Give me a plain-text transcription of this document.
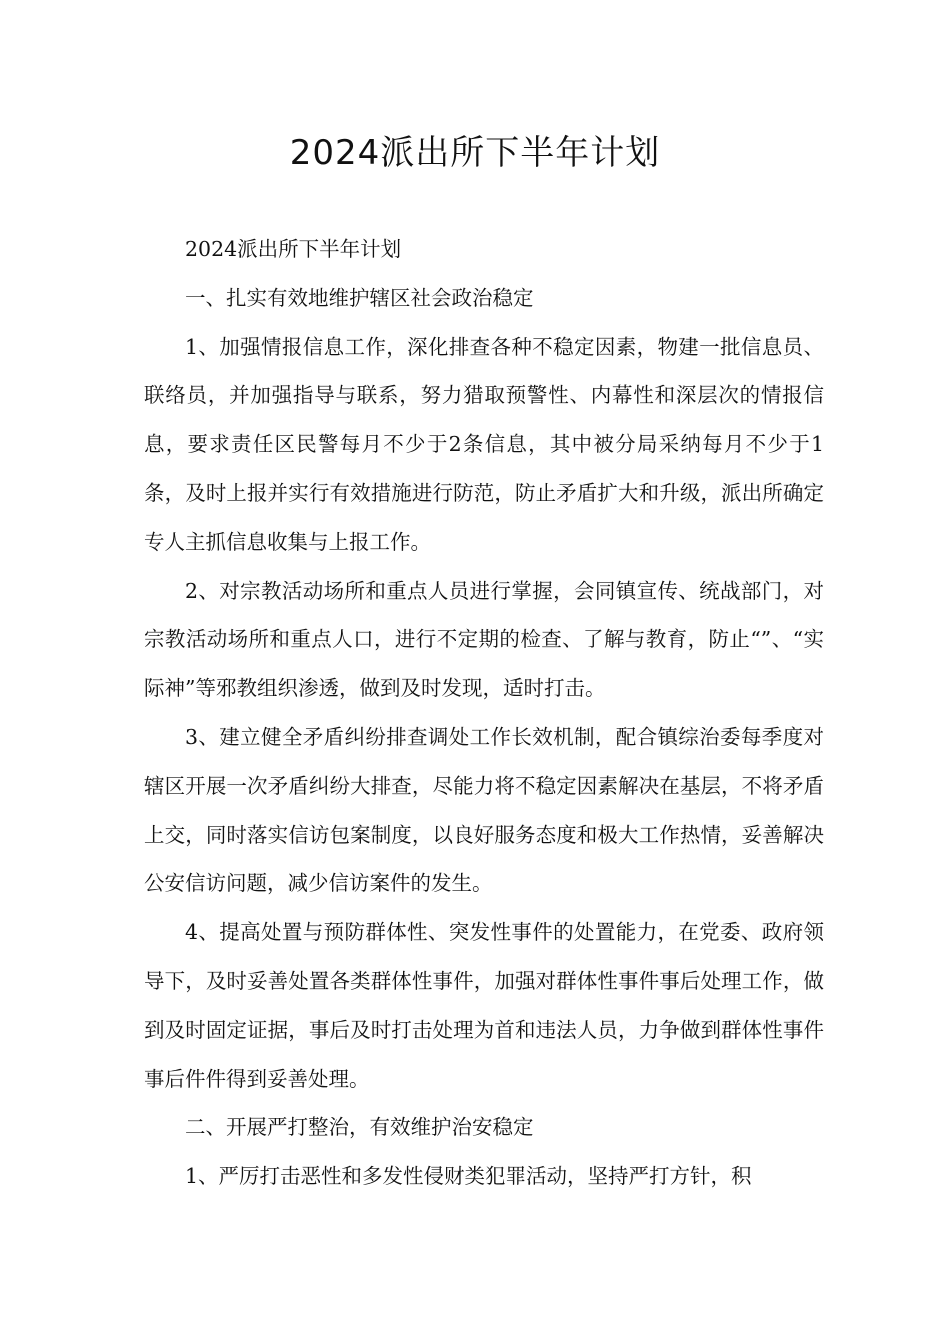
2024派出所下半年计划

2024派出所下半年计划

一、扎实有效地维护辖区社会政治稳定

1、加强情报信息工作，深化排查各种不稳定因素，物建一批信息员、联络员，并加强指导与联系，努力猎取预警性、内幕性和深层次的情报信息，要求责任区民警每月不少于2条信息，其中被分局采纳每月不少于1条，及时上报并实行有效措施进行防范，防止矛盾扩大和升级，派出所确定专人主抓信息收集与上报工作。

2、对宗教活动场所和重点人员进行掌握，会同镇宣传、统战部门，对宗教活动场所和重点人口，进行不定期的检查、了解与教育，防止“”、“实际神”等邪教组织渗透，做到及时发现，适时打击。

3、建立健全矛盾纠纷排查调处工作长效机制，配合镇综治委每季度对辖区开展一次矛盾纠纷大排查，尽能力将不稳定因素解决在基层，不将矛盾上交，同时落实信访包案制度，以良好服务态度和极大工作热情，妥善解决公安信访问题，减少信访案件的发生。

4、提高处置与预防群体性、突发性事件的处置能力，在党委、政府领导下，及时妥善处置各类群体性事件，加强对群体性事件事后处理工作，做到及时固定证据，事后及时打击处理为首和违法人员，力争做到群体性事件事后件件得到妥善处理。

二、开展严打整治，有效维护治安稳定

1、严厉打击恶性和多发性侵财类犯罪活动，坚持严打方针，积
